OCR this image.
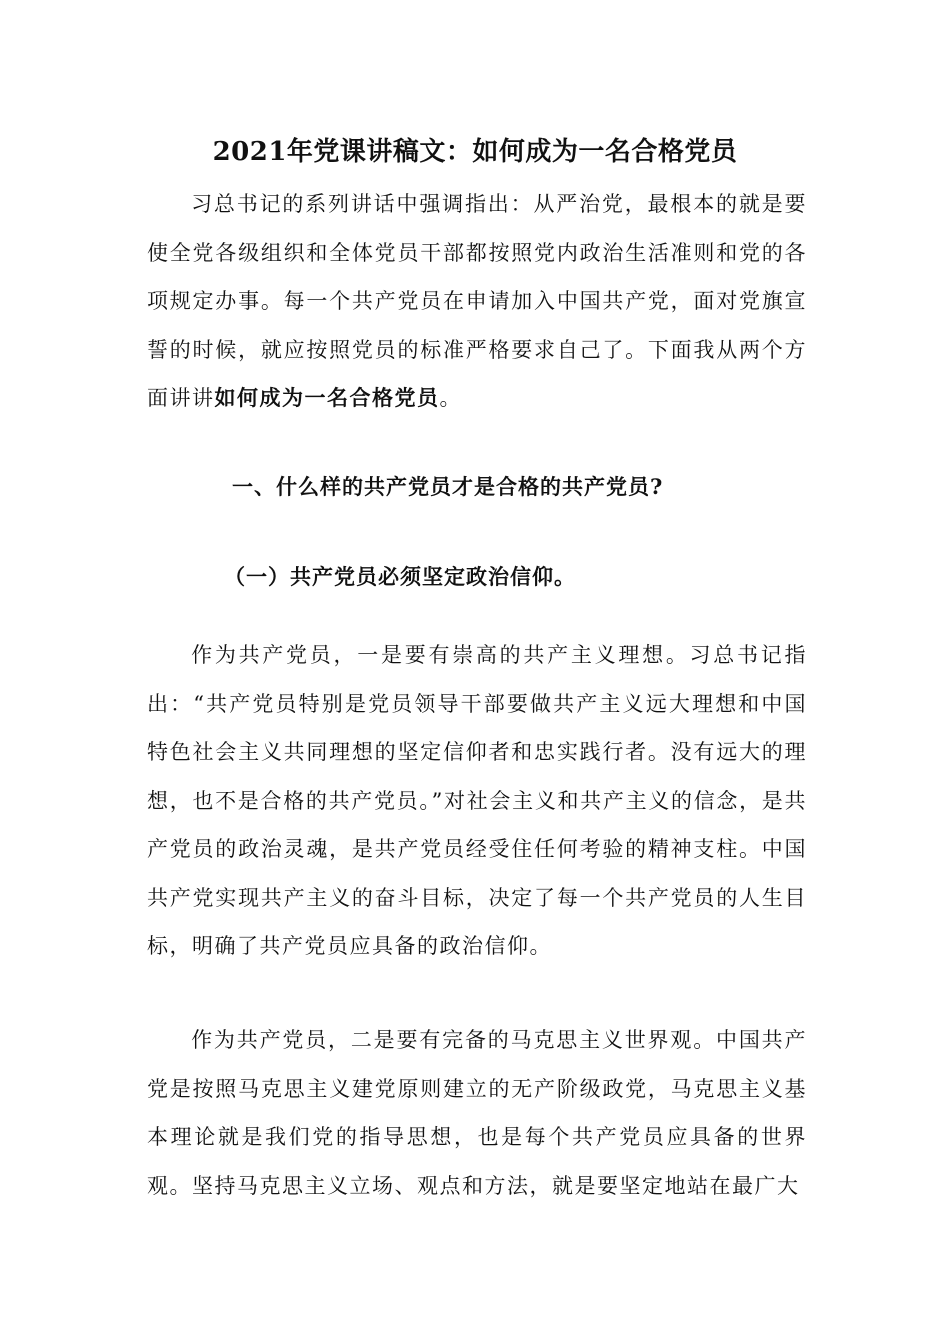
2021年党课讲稿文：如何成为一名合格党员

习总书记的系列讲话中强调指出：从严治党，最根本的就是要使全党各级组织和全体党员干部都按照党内政治生活准则和党的各项规定办事。每一个共产党员在申请加入中国共产党，面对党旗宣誓的时候，就应按照党员的标准严格要求自己了。下面我从两个方面讲讲如何成为一名合格党员。

一、什么样的共产党员才是合格的共产党员?
（一）共产党员必须坚定政治信仰。

作为共产党员，一是要有崇高的共产主义理想。习总书记指出：“共产党员特别是党员领导干部要做共产主义远大理想和中国特色社会主义共同理想的坚定信仰者和忠实践行者。没有远大的理想，也不是合格的共产党员。”对社会主义和共产主义的信念，是共产党员的政治灵魂，是共产党员经受住任何考验的精神支柱。中国共产党实现共产主义的奋斗目标，决定了每一个共产党员的人生目标，明确了共产党员应具备的政治信仰。

作为共产党员，二是要有完备的马克思主义世界观。中国共产党是按照马克思主义建党原则建立的无产阶级政党，马克思主义基本理论就是我们党的指导思想，也是每个共产党员应具备的世界观。坚持马克思主义立场、观点和方法，就是要坚定地站在最广大
